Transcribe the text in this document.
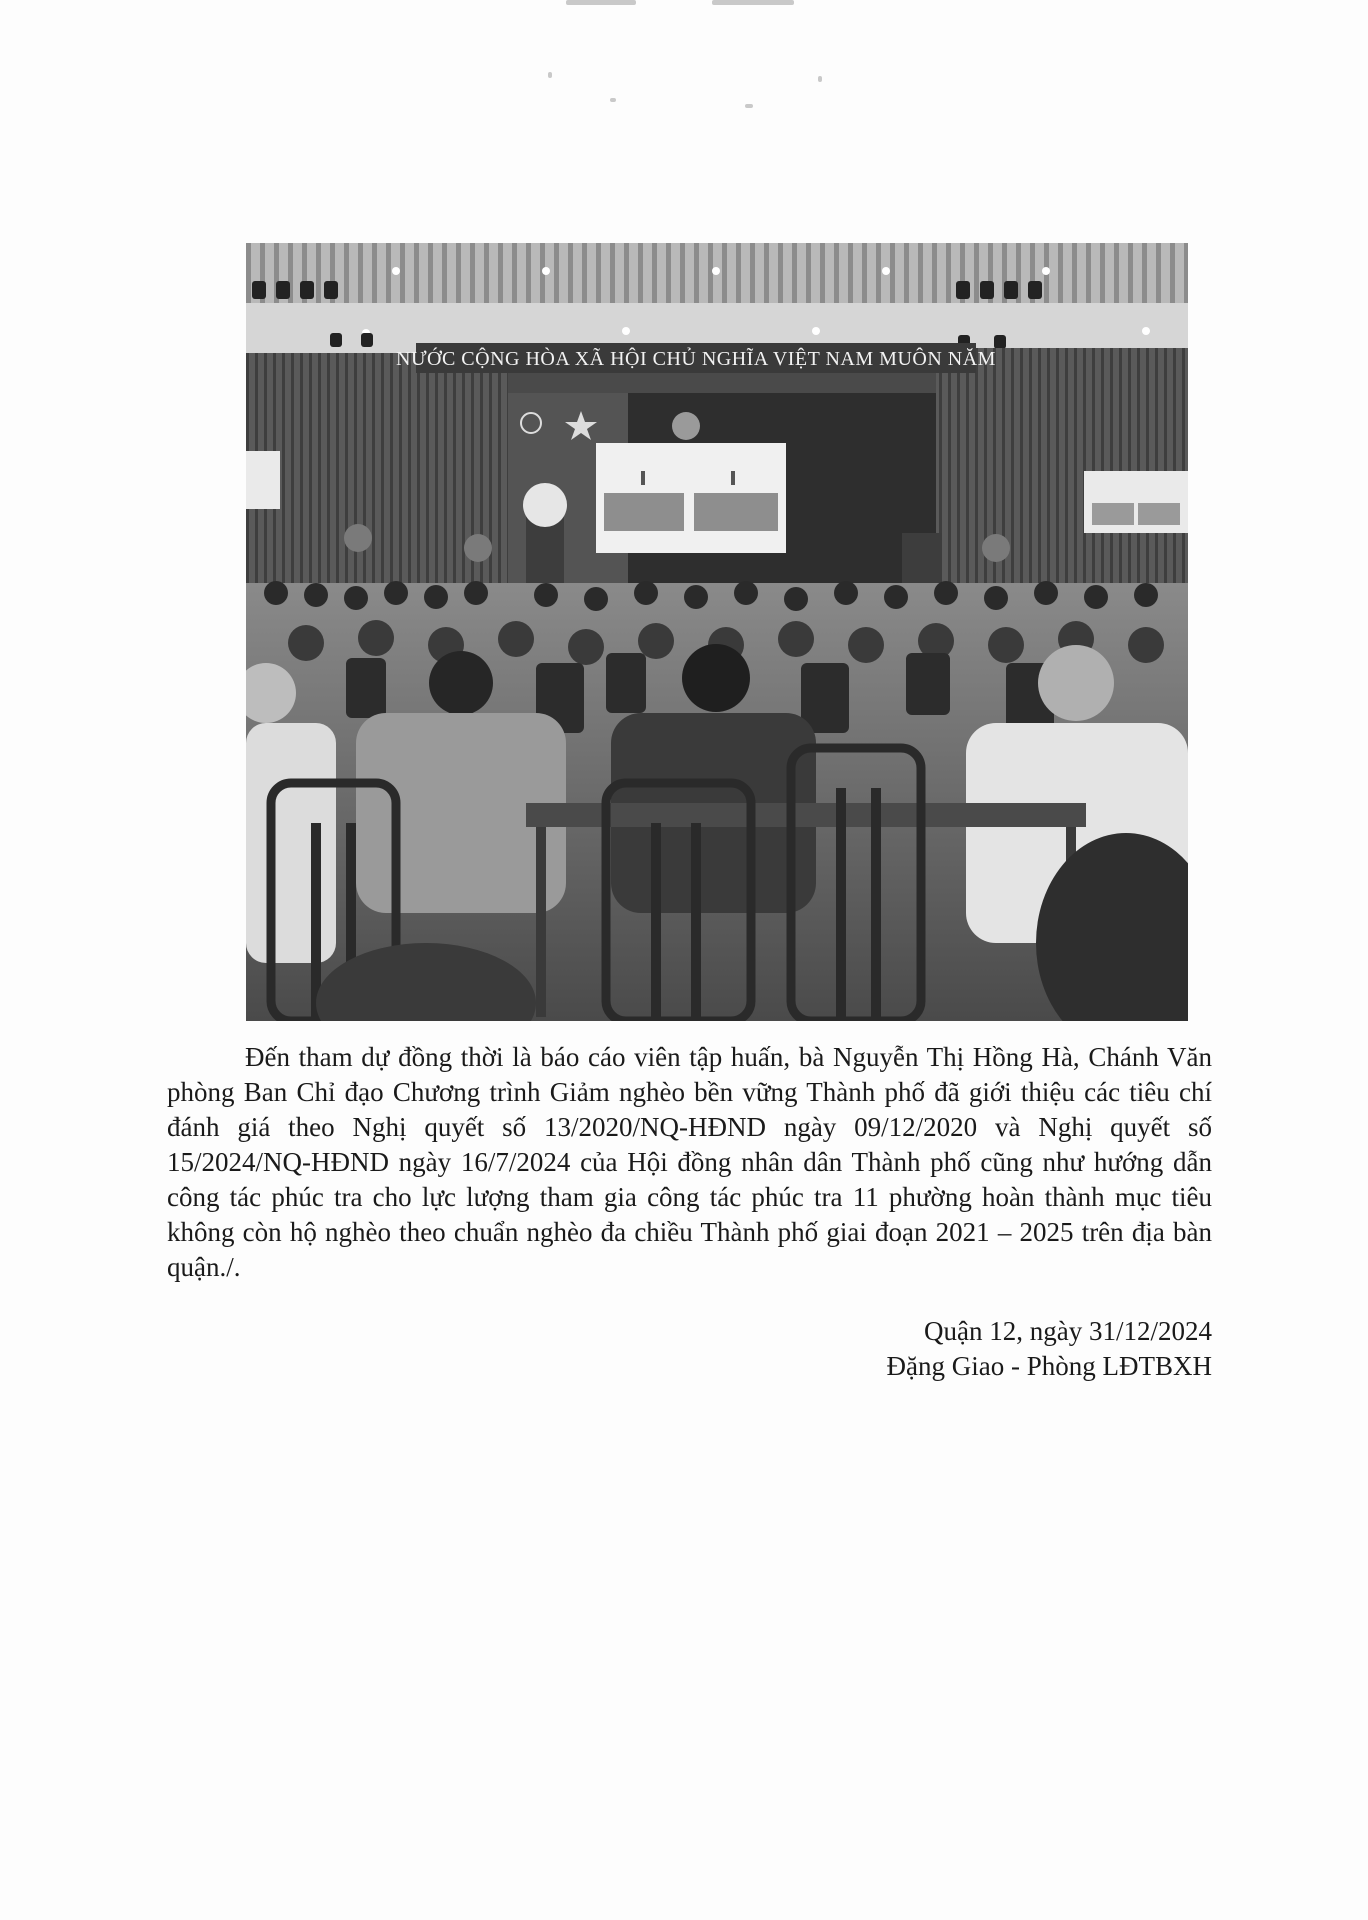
NƯỚC CỘNG HÒA XÃ HỘI CHỦ NGHĨA VIỆT NAM MUÔN NĂM

Đến tham dự đồng thời là báo cáo viên tập huấn, bà Nguyễn Thị Hồng Hà, Chánh Văn phòng Ban Chỉ đạo Chương trình Giảm nghèo bền vững Thành phố đã giới thiệu các tiêu chí đánh giá theo Nghị quyết số 13/2020/NQ-HĐND ngày 09/12/2020 và Nghị quyết số 15/2024/NQ-HĐND ngày 16/7/2024 của Hội đồng nhân dân Thành phố cũng như hướng dẫn công tác phúc tra cho lực lượng tham gia công tác phúc tra 11 phường hoàn thành mục tiêu không còn hộ nghèo theo chuẩn nghèo đa chiều Thành phố giai đoạn 2021 – 2025 trên địa bàn quận./.

Quận 12, ngày 31/12/2024
Đặng Giao - Phòng LĐTBXH
